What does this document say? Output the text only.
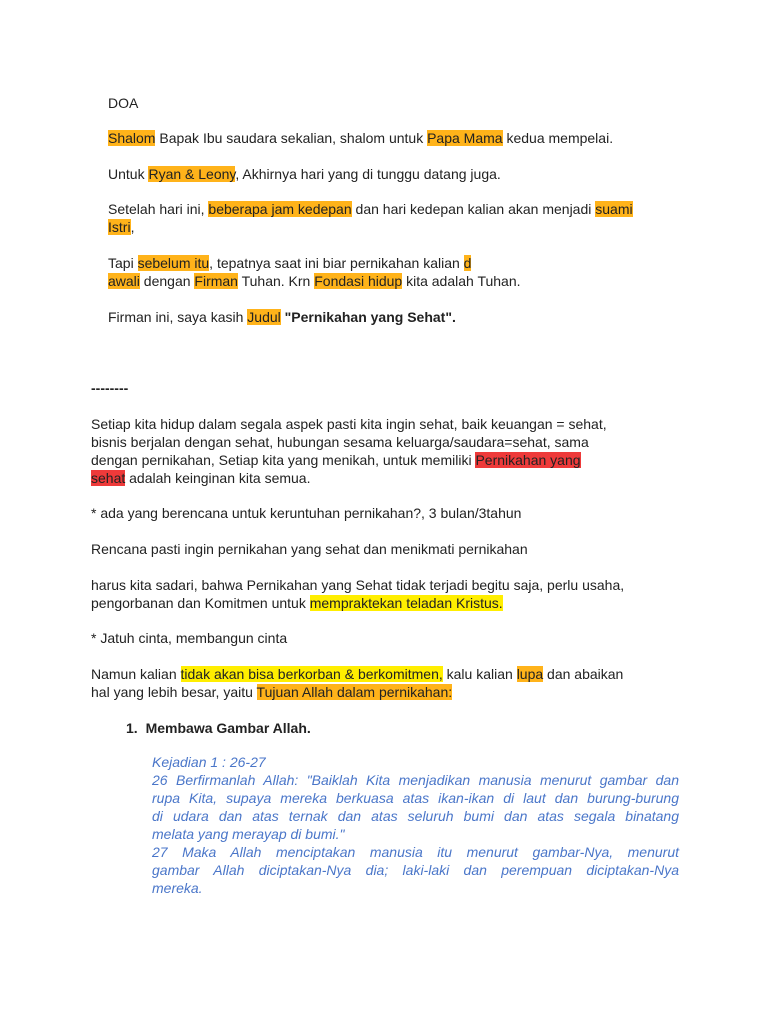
DOA
Shalom Bapak Ibu saudara sekalian, shalom untuk Papa Mama kedua mempelai.
Untuk Ryan & Leony, Akhirnya hari yang di tunggu datang juga.
Setelah hari ini, beberapa jam kedepan dan hari kedepan kalian akan menjadi suami
Istri,
Tapi sebelum itu, tepatnya saat ini biar pernikahan kalian d
awali dengan Firman Tuhan. Krn Fondasi hidup kita adalah Tuhan.
Firman ini, saya kasih Judul "Pernikahan yang Sehat".
--------
Setiap kita hidup dalam segala aspek pasti kita ingin sehat, baik keuangan = sehat,
bisnis berjalan dengan sehat, hubungan sesama keluarga/saudara=sehat, sama
dengan pernikahan, Setiap kita yang menikah, untuk memiliki Pernikahan yang
sehat adalah keinginan kita semua.
* ada yang berencana untuk keruntuhan pernikahan?, 3 bulan/3tahun
Rencana pasti ingin pernikahan yang sehat dan menikmati pernikahan
harus kita sadari, bahwa Pernikahan yang Sehat tidak terjadi begitu saja, perlu usaha,
pengorbanan dan Komitmen untuk mempraktekan teladan Kristus.
* Jatuh cinta, membangun cinta
Namun kalian tidak akan bisa berkorban & berkomitmen, kalu kalian lupa dan abaikan
hal yang lebih besar, yaitu Tujuan Allah dalam pernikahan:
1. Membawa Gambar Allah.
Kejadian 1 : 26-27
26 Berfirmanlah Allah: "Baiklah Kita menjadikan manusia menurut gambar dan
rupa Kita, supaya mereka berkuasa atas ikan-ikan di laut dan burung-burung
di udara dan atas ternak dan atas seluruh bumi dan atas segala binatang
melata yang merayap di bumi."
27 Maka Allah menciptakan manusia itu menurut gambar-Nya, menurut
gambar Allah diciptakan-Nya dia; laki-laki dan perempuan diciptakan-Nya
mereka.
